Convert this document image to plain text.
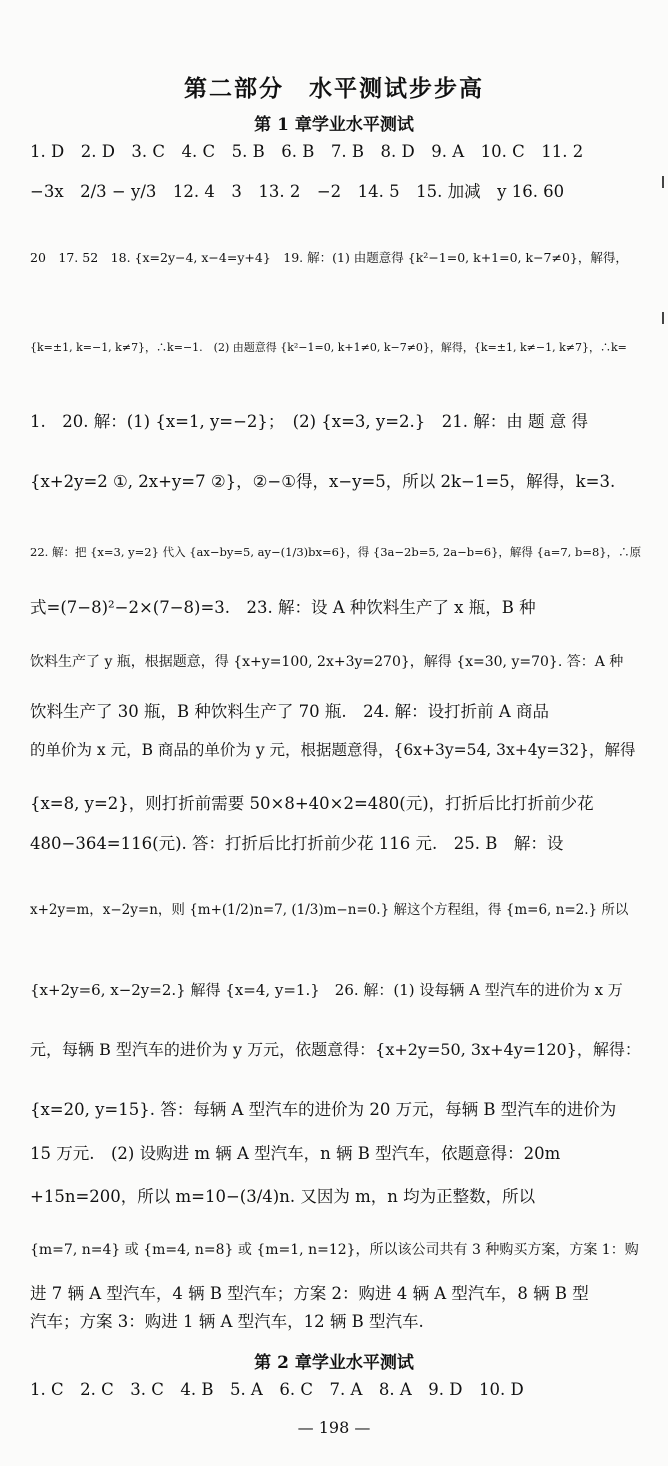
第二部分　水平测试步步高
第 1 章学业水平测试
1. D　2. D　3. C　4. C　5. B　6. B　7. B　8. D　9. A　10. C　11. 2
−3x　2/3 − y/3　12. 4　3　13. 2　−2　14. 5　15. 加减　y 16. 60
20　17. 52　18. {x=2y−4, x−4=y+4}　19. 解：(1) 由题意得 {k²−1=0, k+1=0, k−7≠0}，解得，
{k=±1, k=−1, k≠7}，∴k=−1.　(2) 由题意得 {k²−1=0, k+1≠0, k−7≠0}，解得，{k=±1, k≠−1, k≠7}，∴k=
1.　20. 解：(1) {x=1, y=−2}；　(2) {x=3, y=2.}　21. 解：由 题 意 得
{x+2y=2 ①, 2x+y=7 ②}，②−①得，x−y=5，所以 2k−1=5，解得，k=3.
22. 解：把 {x=3, y=2} 代入 {ax−by=5, ay−(1/3)bx=6}，得 {3a−2b=5, 2a−b=6}，解得 {a=7, b=8}，∴原
式=(7−8)²−2×(7−8)=3.　23. 解：设 A 种饮料生产了 x 瓶，B 种
饮料生产了 y 瓶，根据题意，得 {x+y=100, 2x+3y=270}，解得 {x=30, y=70}. 答：A 种
饮料生产了 30 瓶，B 种饮料生产了 70 瓶.　24. 解：设打折前 A 商品
的单价为 x 元，B 商品的单价为 y 元，根据题意得，{6x+3y=54, 3x+4y=32}，解得
{x=8, y=2}，则打折前需要 50×8+40×2=480(元)，打折后比打折前少花
480−364=116(元). 答：打折后比打折前少花 116 元.　25. B　解：设
x+2y=m，x−2y=n，则 {m+(1/2)n=7, (1/3)m−n=0.} 解这个方程组，得 {m=6, n=2.} 所以
{x+2y=6, x−2y=2.} 解得 {x=4, y=1.}　26. 解：(1) 设每辆 A 型汽车的进价为 x 万
元，每辆 B 型汽车的进价为 y 万元，依题意得：{x+2y=50, 3x+4y=120}，解得：
{x=20, y=15}. 答：每辆 A 型汽车的进价为 20 万元，每辆 B 型汽车的进价为
15 万元.　(2) 设购进 m 辆 A 型汽车，n 辆 B 型汽车，依题意得：20m
+15n=200，所以 m=10−(3/4)n. 又因为 m，n 均为正整数，所以
{m=7, n=4} 或 {m=4, n=8} 或 {m=1, n=12}，所以该公司共有 3 种购买方案，方案 1：购
进 7 辆 A 型汽车，4 辆 B 型汽车；方案 2：购进 4 辆 A 型汽车，8 辆 B 型
汽车；方案 3：购进 1 辆 A 型汽车，12 辆 B 型汽车.
第 2 章学业水平测试
1. C　2. C　3. C　4. B　5. A　6. C　7. A　8. A　9. D　10. D
— 198 —
